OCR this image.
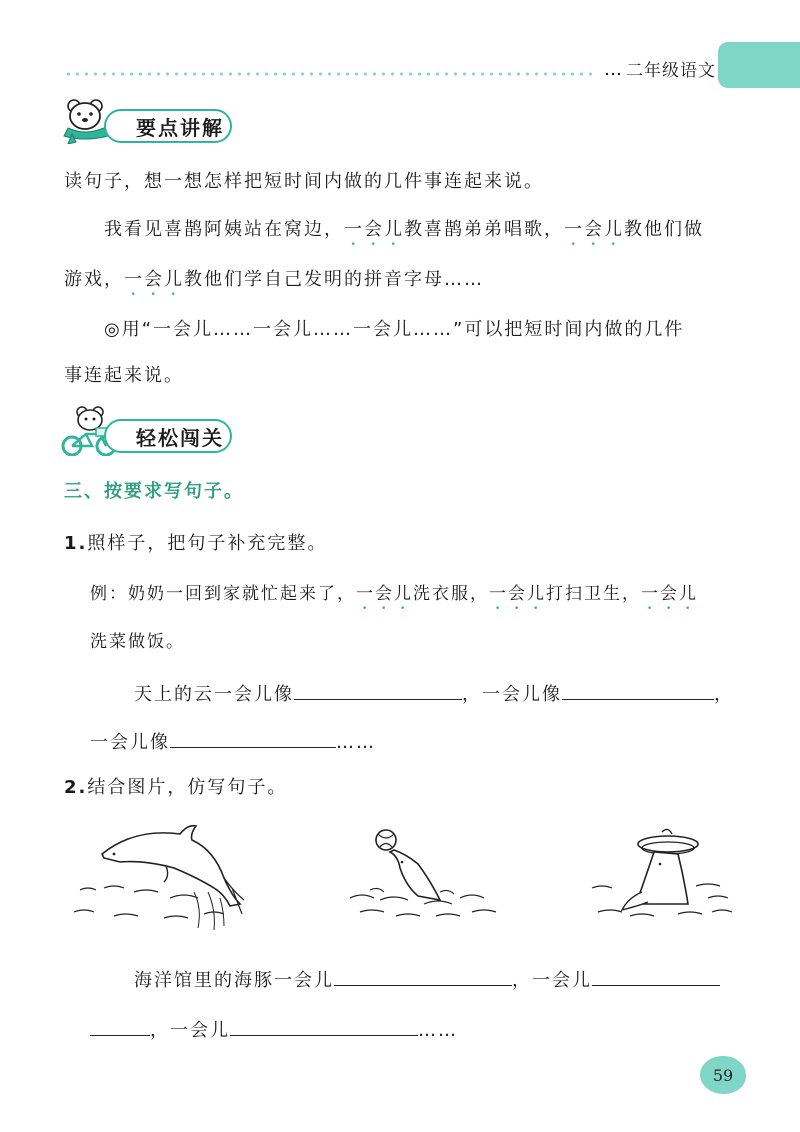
二年级语文
要点讲解
读句子，想一想怎样把短时间内做的几件事连起来说。
我看见喜鹊阿姨站在窝边，一会儿教喜鹊弟弟唱歌，一会儿教他们做
游戏，一会儿教他们学自己发明的拼音字母……
◎用“一会儿……一会儿……一会儿……”可以把短时间内做的几件
事连起来说。
轻松闯关
三、按要求写句子。
1.照样子，把句子补充完整。
例：奶奶一回到家就忙起来了，一会儿洗衣服，一会儿打扫卫生，一会儿
洗菜做饭。
天上的云一会儿像	，一会儿像	，
一会儿像	……
2.结合图片，仿写句子。
海洋馆里的海豚一会儿	，一会儿
，一会儿	……
59
